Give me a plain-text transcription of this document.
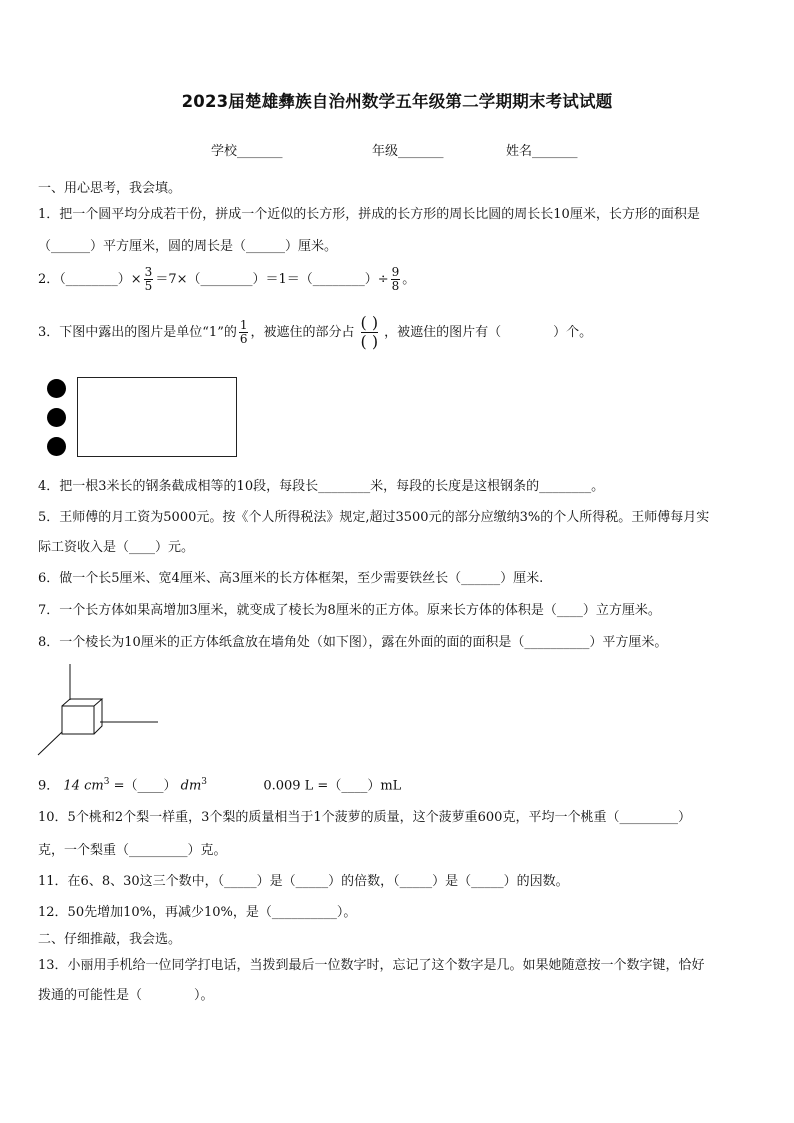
2023届楚雄彝族自治州数学五年级第二学期期末考试试题
学校_______	年级_______	姓名_______
一、用心思考，我会填。
1．把一个圆平均分成若干份，拼成一个近似的长方形，拼成的长方形的周长比圆的周长长10厘米，长方形的面积是
（______）平方厘米，圆的周长是（______）厘米。
2．（________）× $\frac{3}{5}$ ＝7×（________）＝1＝（________）÷ $\frac{9}{8}$ 。
3．下图中露出的图片是单位“1”的 $\frac{1}{6}$ ，被遮住的部分占
( )
( ) ，被遮住的图片有（　　　　）个。
4．把一根3米长的钢条截成相等的10段，每段长________米，每段的长度是这根钢条的________。
5．王师傅的月工资为5000元。按《个人所得税法》规定,超过3500元的部分应缴纳3%的个人所得税。王师傅每月实
际工资收入是（____）元。
6．做一个长5厘米、宽4厘米、高3厘米的长方体框架，至少需要铁丝长（______）厘米.
7．一个长方体如果高增加3厘米，就变成了棱长为8厘米的正方体。原来长方体的体积是（____）立方厘米。
8．一个棱长为10厘米的正方体纸盒放在墙角处（如下图），露在外面的面的面积是（__________）平方厘米。
9． 14 $cm^3$ =（____） $dm^3$	0.009 L =（____）mL
10．5个桃和2个梨一样重，3个梨的质量相当于1个菠萝的质量，这个菠萝重600克，平均一个桃重（_________）
克，一个梨重（_________）克。
11．在6、8、30这三个数中，（_____）是（_____）的倍数，（_____）是（_____）的因数。
12．50先增加10%，再减少10%，是（__________）。
二、仔细推敲，我会选。
13．小丽用手机给一位同学打电话，当拨到最后一位数字时，忘记了这个数字是几。如果她随意按一个数字键，恰好
拨通的可能性是（　　　　）。
